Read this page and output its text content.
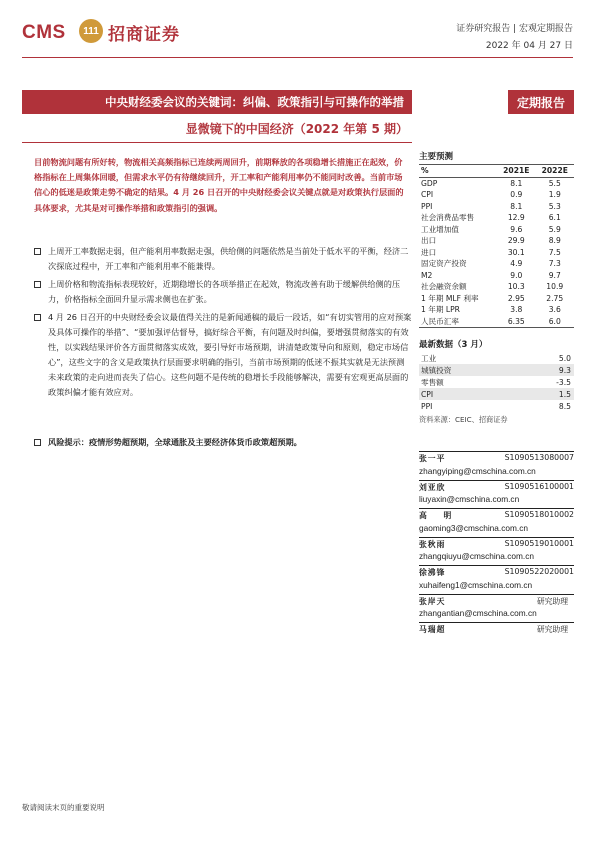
CMS	111 招商证券	证券研究报告 | 宏观定期报告
2022 年 04 月 27 日
中央财经委会议的关键词：纠偏、政策指引与可操作的举措	定期报告
显微镜下的中国经济（2022 年第 5 期）
目前物流问题有所好转，物流相关高频指标已连续两周回升，前期释放的各项稳增长措施正在起效，价格指标在上周集体回暖，但需求水平仍有待继续回升，开工率和产能利用率仍不能同时改善。当前市场信心的低迷是政策走势不确定的结果。4 月 26 日召开的中央财经委会议关键点就是对政策执行层面的具体要求，尤其是对可操作举措和政策指引的强调。
上周开工率数据走弱，但产能利用率数据走强，供给侧的问题依然是当前处于低水平的平衡，经济二次探底过程中，开工率和产能利用率不能兼得。
上周价格和物流指标表现较好，近期稳增长的各项举措正在起效，物流改善有助于缓解供给侧的压力，价格指标全面回升显示需求侧也在扩张。
4 月 26 日召开的中央财经委会议最值得关注的是新闻通稿的最后一段话，如“有切实管用的应对预案及具体可操作的举措”、“要加强评估督导，搞好综合平衡，有问题及时纠偏，要增强贯彻落实的有效性，以实践结果评价各方面贯彻落实成效，要引导好市场预期，讲清楚政策导向和原则，稳定市场信心”，这些文字的含义是政策执行层面要求明确的指引，当前市场预期的低迷不振其实就是无法预测未来政策的走向进而丧失了信心。这些问题不是传统的稳增长手段能够解决，需要有宏观更高层面的政策纠偏才能有效应对。
风险提示：疫情形势超预期，全球通胀及主要经济体货币政策超预期。
主要预测
%	2021E	2022E
GDP	8.1	5.5
CPI	0.9	1.9
PPI	8.1	5.3
社会消费品零售	12.9	6.1
工业增加值	9.6	5.9
出口	29.9	8.9
进口	30.1	7.5
固定资产投资	4.9	7.3
M2	9.0	9.7
社会融资余额	10.3	10.9
1 年期 MLF 利率	2.95	2.75
1 年期 LPR	3.8	3.6
人民币汇率	6.35	6.0
最新数据（3 月）
工业	5.0
城镇投资	9.3
零售额	-3.5
CPI	1.5
PPI	8.5
资料来源：CEIC、招商证券
张一平	S1090513080007
zhangyiping@cmschina.com.cn
刘亚欣	S1090516100001
liuyaxin@cmschina.com.cn
高 明	S1090518010002
gaoming3@cmschina.com.cn
张秋雨	S1090519010001
zhangqiuyu@cmschina.com.cn
徐沸锋	S1090522020001
xuhaifeng1@cmschina.com.cn
张岸天	研究助理
zhangantian@cmschina.com.cn
马瑞超	研究助理
敬请阅读末页的重要说明
